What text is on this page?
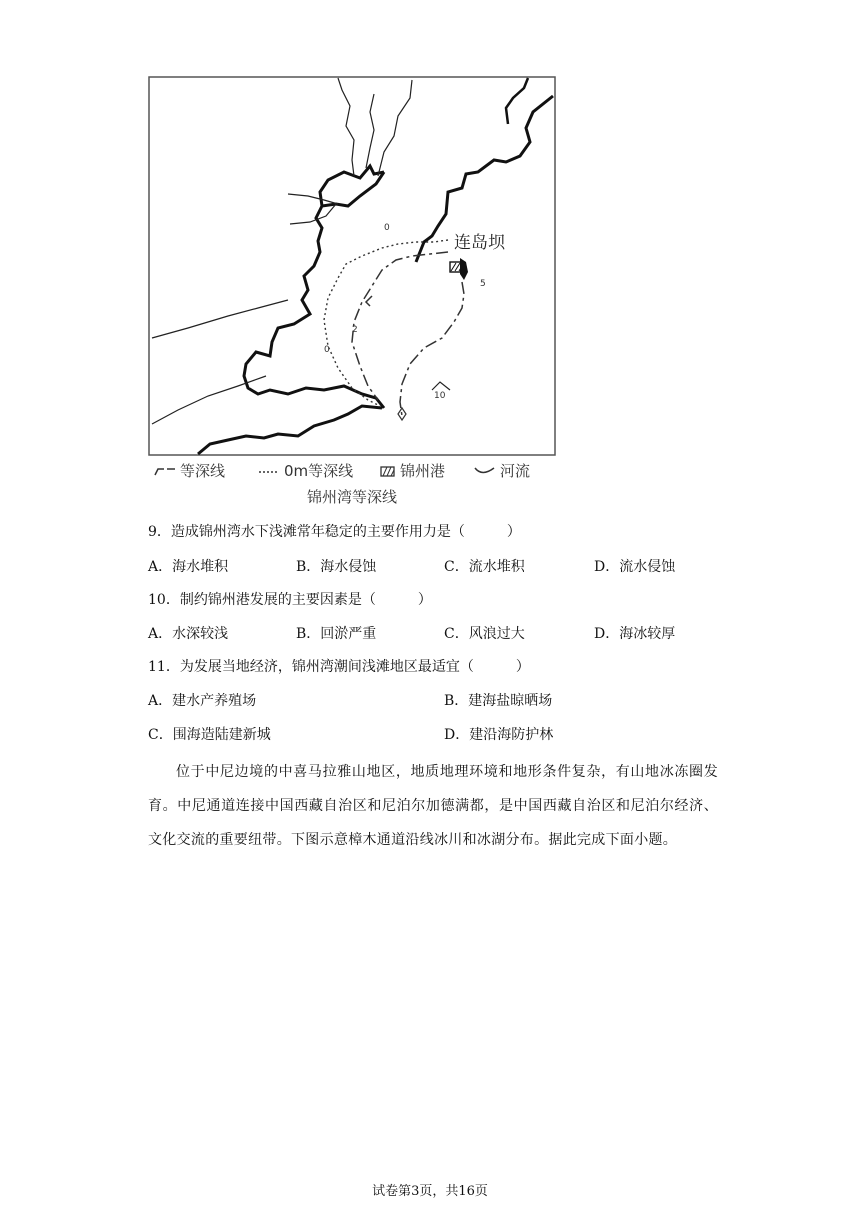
连岛坝
0
0
2
5
10
等深线	0m等深线	锦州港	河流
锦州湾等深线
9．造成锦州湾水下浅滩常年稳定的主要作用力是（　　　）
A．海水堆积	B．海水侵蚀	C．流水堆积	D．流水侵蚀
10．制约锦州港发展的主要因素是（　　　）
A．水深较浅	B．回淤严重	C．风浪过大	D．海冰较厚
11．为发展当地经济，锦州湾潮间浅滩地区最适宜（　　　）
A．建水产养殖场	B．建海盐晾晒场
C．围海造陆建新城	D．建沿海防护林
位于中尼边境的中喜马拉雅山地区，地质地理环境和地形条件复杂，有山地冰冻圈发育。中尼通道连接中国西藏自治区和尼泊尔加德满都，是中国西藏自治区和尼泊尔经济、文化交流的重要纽带。下图示意樟木通道沿线冰川和冰湖分布。据此完成下面小题。
试卷第3页，共16页
